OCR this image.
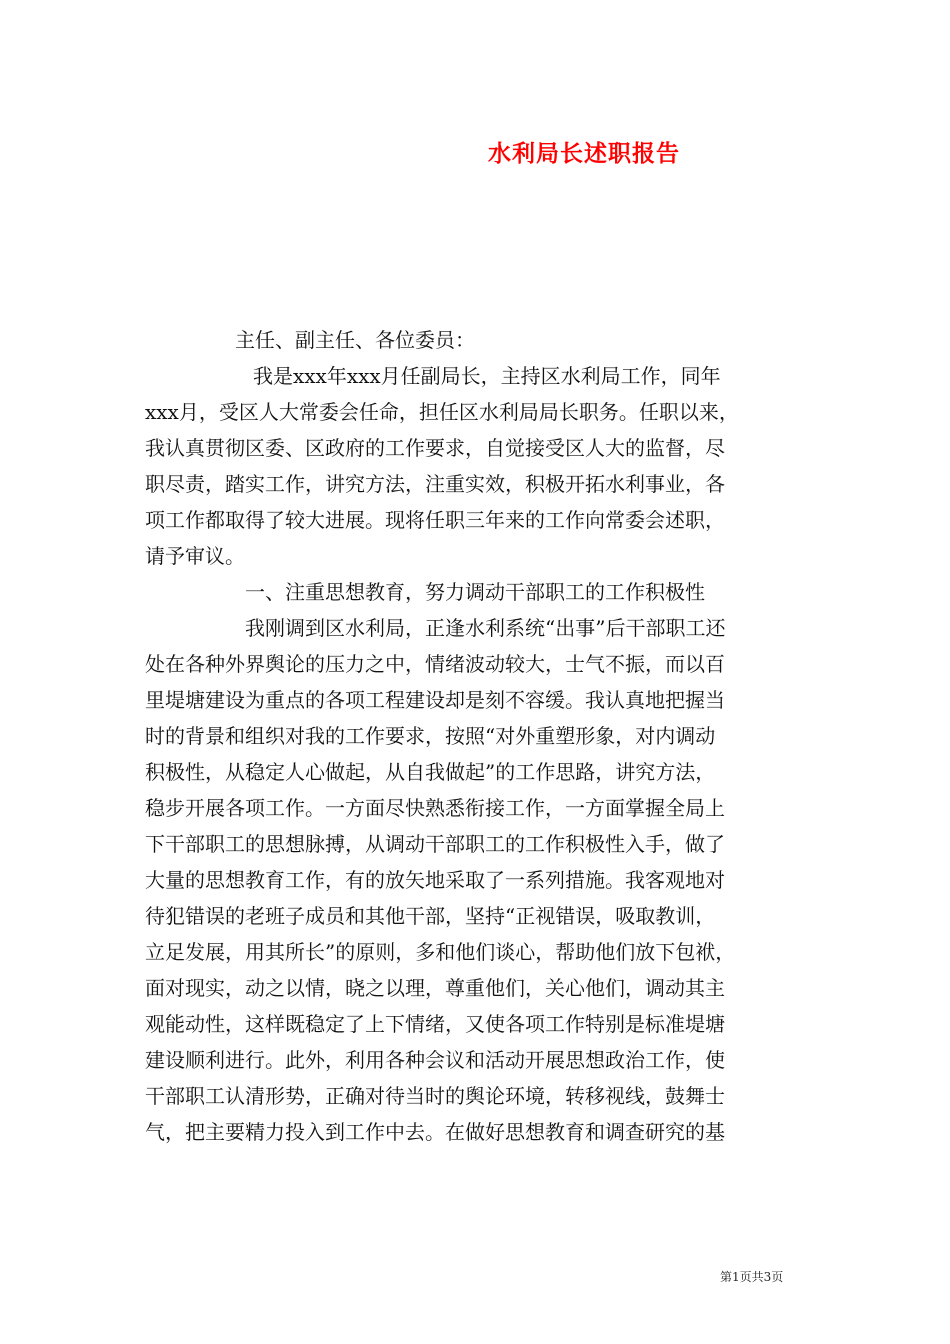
水利局长述职报告
主任、副主任、各位委员：
我是xxx年xxx月任副局长，主持区水利局工作，同年
xxx月，受区人大常委会任命，担任区水利局局长职务。任职以来，
我认真贯彻区委、区政府的工作要求，自觉接受区人大的监督，尽
职尽责，踏实工作，讲究方法，注重实效，积极开拓水利事业，各
项工作都取得了较大进展。现将任职三年来的工作向常委会述职，
请予审议。
一、注重思想教育，努力调动干部职工的工作积极性
我刚调到区水利局，正逢水利系统“出事”后干部职工还
处在各种外界舆论的压力之中，情绪波动较大，士气不振，而以百
里堤塘建设为重点的各项工程建设却是刻不容缓。我认真地把握当
时的背景和组织对我的工作要求，按照“对外重塑形象，对内调动
积极性，从稳定人心做起，从自我做起”的工作思路，讲究方法，
稳步开展各项工作。一方面尽快熟悉衔接工作，一方面掌握全局上
下干部职工的思想脉搏，从调动干部职工的工作积极性入手，做了
大量的思想教育工作，有的放矢地采取了一系列措施。我客观地对
待犯错误的老班子成员和其他干部，坚持“正视错误，吸取教训，
立足发展，用其所长”的原则，多和他们谈心，帮助他们放下包袱，
面对现实，动之以情，晓之以理，尊重他们，关心他们，调动其主
观能动性，这样既稳定了上下情绪，又使各项工作特别是标准堤塘
建设顺利进行。此外，利用各种会议和活动开展思想政治工作，使
干部职工认清形势，正确对待当时的舆论环境，转移视线，鼓舞士
气，把主要精力投入到工作中去。在做好思想教育和调查研究的基
第1页共3页
